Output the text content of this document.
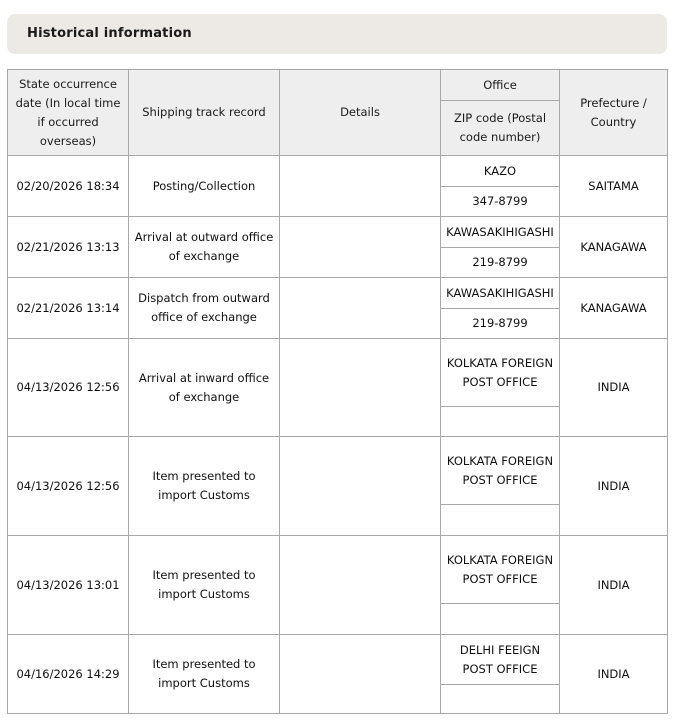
Historical information
State occurrence date (In local time if occurred overseas)	Shipping track record	Details	Office	Prefecture / Country
			ZIP code (Postal code number)	
02/20/2026 18:34	Posting/Collection		KAZO	SAITAMA
			347-8799	
02/21/2026 13:13	Arrival at outward office of exchange		KAWASAKIHIGASHI	KANAGAWA
			219-8799	
02/21/2026 13:14	Dispatch from outward office of exchange		KAWASAKIHIGASHI	KANAGAWA
			219-8799	
04/13/2026 12:56	Arrival at inward office of exchange		KOLKATA FOREIGN POST OFFICE	INDIA

04/13/2026 12:56	Item presented to import Customs		KOLKATA FOREIGN POST OFFICE	INDIA

04/13/2026 13:01	Item presented to import Customs		KOLKATA FOREIGN POST OFFICE	INDIA

04/16/2026 14:29	Item presented to import Customs		DELHI FEEIGN POST OFFICE	INDIA
